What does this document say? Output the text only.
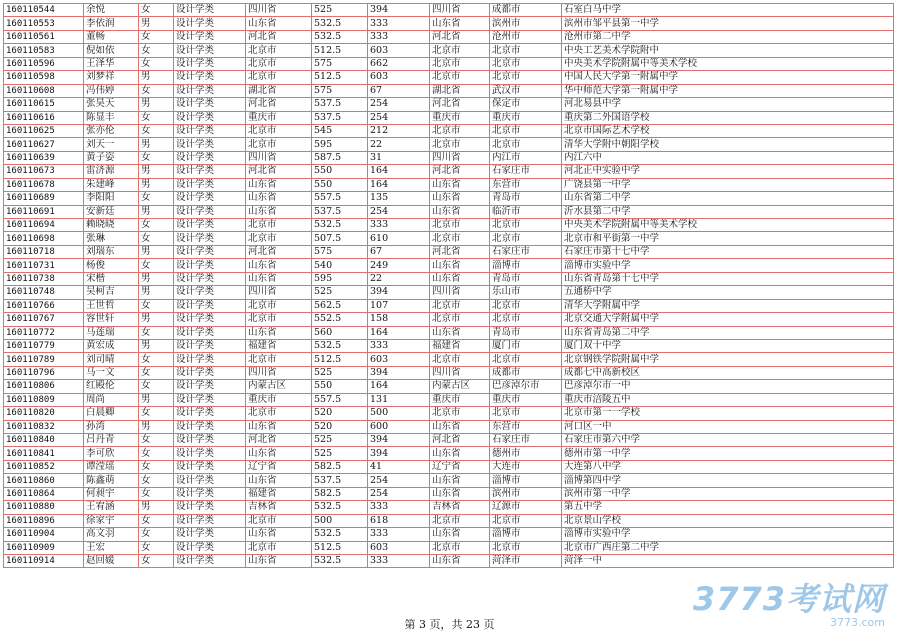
160110544	余悦	女	设计学类	四川省	525	394	四川省	成都市	石室白马中学
160110553	李依润	男	设计学类	山东省	532.5	333	山东省	滨州市	滨州市邹平县第一中学
160110561	董畅	女	设计学类	河北省	532.5	333	河北省	沧州市	沧州市第二中学
160110583	倪如依	女	设计学类	北京市	512.5	603	北京市	北京市	中央工艺美术学院附中
160110596	王泽华	女	设计学类	北京市	575	662	北京市	北京市	中央美术学院附属中等美术学校
160110598	刘梦祥	男	设计学类	北京市	512.5	603	北京市	北京市	中国人民大学第一附属中学
160110608	冯伟婷	女	设计学类	湖北省	575	67	湖北省	武汉市	华中师范大学第一附属中学
160110615	张昊天	男	设计学类	河北省	537.5	254	河北省	保定市	河北易县中学
160110616	陈显丰	女	设计学类	重庆市	537.5	254	重庆市	重庆市	重庆第二外国语学校
160110625	张亦伦	女	设计学类	北京市	545	212	北京市	北京市	北京市国际艺术学校
160110627	刘天一	男	设计学类	北京市	595	22	北京市	北京市	清华大学附中朝阳学校
160110639	黄子姿	女	设计学类	四川省	587.5	31	四川省	内江市	内江六中
160110673	雷济源	男	设计学类	河北省	550	164	河北省	石家庄市	河北正中实验中学
160110678	朱建峰	男	设计学类	山东省	550	164	山东省	东营市	广饶县第一中学
160110689	李阳阳	女	设计学类	山东省	557.5	135	山东省	青岛市	山东省第二中学
160110691	安新廷	男	设计学类	山东省	537.5	254	山东省	临沂市	沂水县第二中学
160110694	赖晓晓	女	设计学类	北京市	532.5	333	北京市	北京市	中央美术学院附属中等美术学校
160110698	张琳	女	设计学类	北京市	507.5	610	北京市	北京市	北京市和平街第一中学
160110718	刘瑞东	男	设计学类	河北省	575	67	河北省	石家庄市	石家庄市第十七中学
160110731	杨俊	女	设计学类	山东省	540	249	山东省	淄博市	淄博市实验中学
160110738	宋楷	男	设计学类	山东省	595	22	山东省	青岛市	山东省青岛第十七中学
160110748	吴柯吉	男	设计学类	四川省	525	394	四川省	乐山市	五通桥中学
160110766	王世哲	女	设计学类	北京市	562.5	107	北京市	北京市	清华大学附属中学
160110767	容世轩	男	设计学类	北京市	552.5	158	北京市	北京市	北京交通大学附属中学
160110772	马莲瑞	女	设计学类	山东省	560	164	山东省	青岛市	山东省青岛第二中学
160110779	黄宏成	男	设计学类	福建省	532.5	333	福建省	厦门市	厦门双十中学
160110789	刘司晴	女	设计学类	北京市	512.5	603	北京市	北京市	北京钢铁学院附属中学
160110796	马一文	女	设计学类	四川省	525	394	四川省	成都市	成都七中高新校区
160110806	红殿伦	女	设计学类	内蒙古区	550	164	内蒙古区	巴彦淖尔市	巴彦淖尔市一中
160110809	周尚	男	设计学类	重庆市	557.5	131	重庆市	重庆市	重庆市涪陵五中
160110820	白晨卿	女	设计学类	北京市	520	500	北京市	北京市	北京市第一一学校
160110832	孙湾	男	设计学类	山东省	520	600	山东省	东营市	河口区一中
160110840	吕丹青	女	设计学类	河北省	525	394	河北省	石家庄市	石家庄市第六中学
160110841	李可欣	女	设计学类	山东省	525	394	山东省	德州市	德州市第一中学
160110852	谭滢瑶	女	设计学类	辽宁省	582.5	41	辽宁省	大连市	大连第八中学
160110860	陈鑫萌	女	设计学类	山东省	537.5	254	山东省	淄博市	淄博第四中学
160110864	何昶宇	女	设计学类	福建省	582.5	254	山东省	滨州市	滨州市第一中学
160110880	王宥涵	男	设计学类	吉林省	532.5	333	吉林省	辽源市	第五中学
160110896	徐家宇	女	设计学类	北京市	500	618	北京市	北京市	北京景山学校
160110904	高文羽	女	设计学类	山东省	532.5	333	山东省	淄博市	淄博市实验中学
160110909	王宏	女	设计学类	北京市	512.5	603	北京市	北京市	北京市广西庄第二中学
160110914	赵回媛	女	设计学类	山东省	532.5	333	山东省	菏泽市	菏泽一中
第 3 页，共 23 页
3773考试网
3773.com
